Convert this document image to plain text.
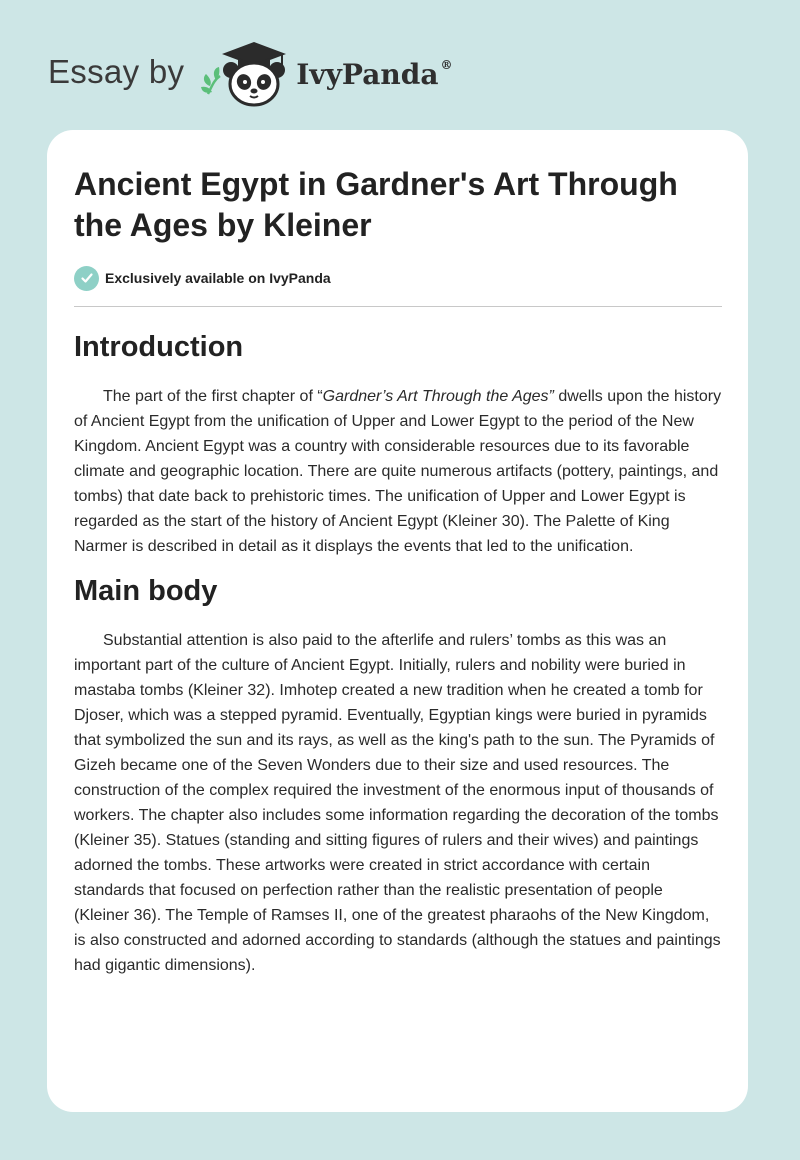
Essay by	IvyPanda ®
Ancient Egypt in Gardner's Art Through the Ages by Kleiner
Exclusively available on IvyPanda
Introduction

The part of the first chapter of “Gardner’s Art Through the Ages” dwells upon the history of Ancient Egypt from the unification of Upper and Lower Egypt to the period of the New Kingdom. Ancient Egypt was a country with considerable resources due to its favorable climate and geographic location. There are quite numerous artifacts (pottery, paintings, and tombs) that date back to prehistoric times. The unification of Upper and Lower Egypt is regarded as the start of the history of Ancient Egypt (Kleiner 30). The Palette of King Narmer is described in detail as it displays the events that led to the unification.

Main body

Substantial attention is also paid to the afterlife and rulers’ tombs as this was an important part of the culture of Ancient Egypt. Initially, rulers and nobility were buried in mastaba tombs (Kleiner 32). Imhotep created a new tradition when he created a tomb for Djoser, which was a stepped pyramid. Eventually, Egyptian kings were buried in pyramids that symbolized the sun and its rays, as well as the king's path to the sun. The Pyramids of Gizeh became one of the Seven Wonders due to their size and used resources. The construction of the complex required the investment of the enormous input of thousands of workers. The chapter also includes some information regarding the decoration of the tombs (Kleiner 35). Statues (standing and sitting figures of rulers and their wives) and paintings adorned the tombs. These artworks were created in strict accordance with certain standards that focused on perfection rather than the realistic presentation of people (Kleiner 36). The Temple of Ramses II, one of the greatest pharaohs of the New Kingdom, is also constructed and adorned according to standards (although the statues and paintings had gigantic dimensions).
